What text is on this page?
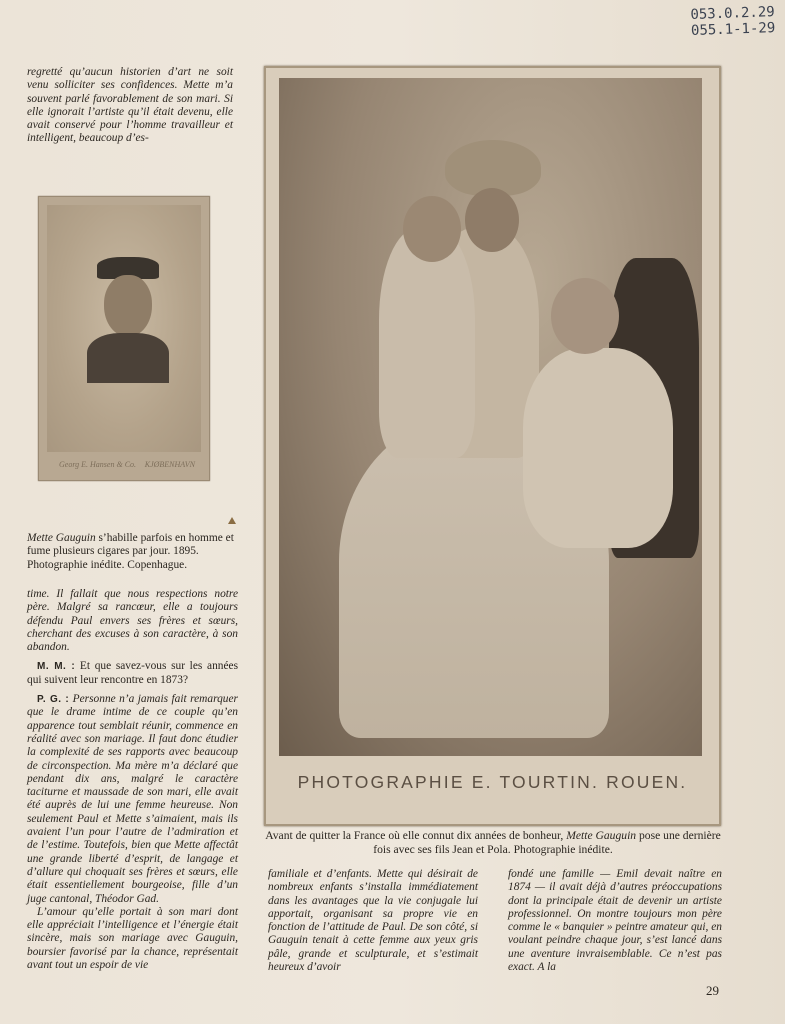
053.0.2.29
055.1-1-29

regretté qu’aucun historien d’art ne soit venu solliciter ses confidences. Mette m’a souvent parlé favorablement de son mari. Si elle ignorait l’artiste qu’il était devenu, elle avait conservé pour l’homme travailleur et intelligent, beaucoup d’es-

Georg E. Hansen & Co. KJØBENHAVN
Mette Gauguin s’habille parfois en homme et fume plusieurs cigares par jour. 1895. Photographie inédite. Copenhague.

time. Il fallait que nous respections notre père. Malgré sa rancœur, elle a toujours défendu Paul envers ses frères et sœurs, cherchant des excuses à son caractère, à son abandon.

M. M. : Et que savez-vous sur les années qui suivent leur rencontre en 1873?

P. G. : Personne n’a jamais fait remarquer que le drame intime de ce couple qu’en apparence tout semblait réunir, commence en réalité avec son mariage. Il faut donc étudier la complexité de ses rapports avec beaucoup de circonspection. Ma mère m’a déclaré que pendant dix ans, malgré le caractère taciturne et maussade de son mari, elle avait été auprès de lui une femme heureuse. Non seulement Paul et Mette s’aimaient, mais ils avaient l’un pour l’autre de l’admiration et de l’estime. Toutefois, bien que Mette affectât une grande liberté d’esprit, de langage et d’allure qui choquait ses frères et sœurs, elle était essentiellement bourgeoise, fille d’un juge cantonal, Théodor Gad.

L’amour qu’elle portait à son mari dont elle appréciait l’intelligence et l’énergie était sincère, mais son mariage avec Gauguin, boursier favorisé par la chance, représentait avant tout un espoir de vie

PHOTOGRAPHIE E. TOURTIN. ROUEN.
Avant de quitter la France où elle connut dix années de bonheur, Mette Gauguin pose une dernière fois avec ses fils Jean et Pola. Photographie inédite.

familiale et d’enfants. Mette qui désirait de nombreux enfants s’installa immédiatement dans les avantages que la vie conjugale lui apportait, organisant sa propre vie en fonction de l’attitude de Paul. De son côté, si Gauguin tenait à cette femme aux yeux gris pâle, grande et sculpturale, et s’estimait heureux d’avoir

fondé une famille — Emil devait naître en 1874 — il avait déjà d’autres préoccupations dont la principale était de devenir un artiste professionnel. On montre toujours mon père comme le « banquier » peintre amateur qui, en voulant peindre chaque jour, s’est lancé dans une aventure invraisemblable. Ce n’est pas exact. A la

29
